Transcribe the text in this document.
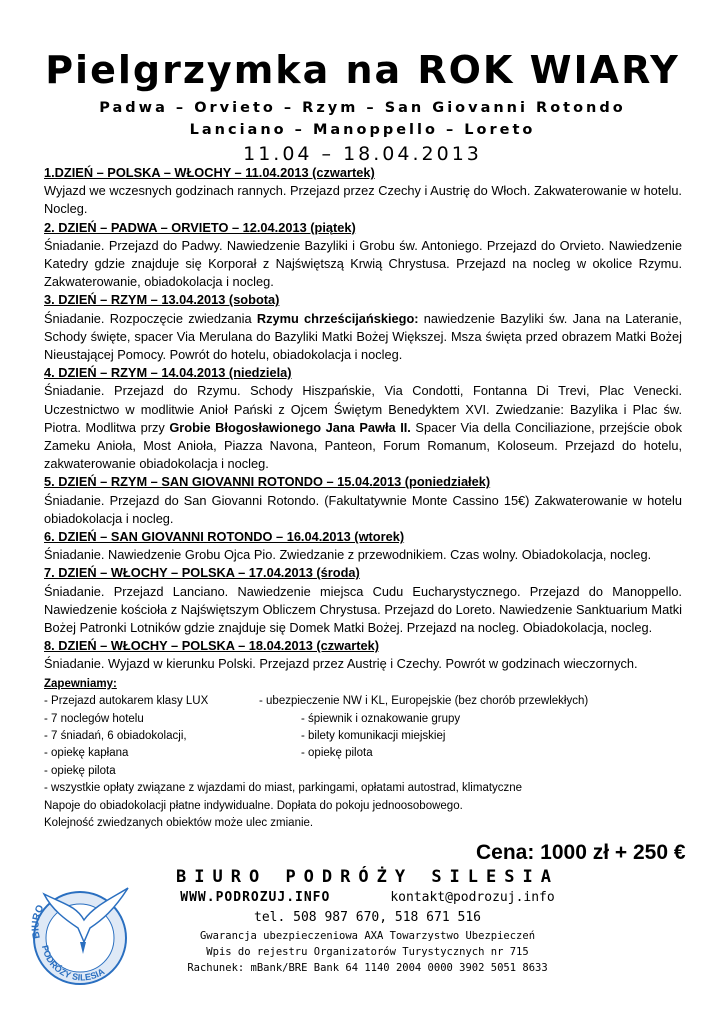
Pielgrzymka na ROK WIARY
Padwa – Orvieto – Rzym – San Giovanni Rotondo
Lanciano – Manoppello – Loreto
11.04 – 18.04.2013

1.DZIEŃ – POLSKA – WŁOCHY – 11.04.2013 (czwartek)

Wyjazd we wczesnych godzinach rannych. Przejazd przez Czechy i Austrię do Włoch. Zakwaterowanie w hotelu. Nocleg.

2. DZIEŃ – PADWA – ORVIETO – 12.04.2013 (piątek)

Śniadanie. Przejazd do Padwy. Nawiedzenie Bazyliki i Grobu św. Antoniego. Przejazd do Orvieto. Nawiedzenie Katedry gdzie znajduje się Korporał z Najświętszą Krwią Chrystusa. Przejazd na nocleg w okolice Rzymu. Zakwaterowanie, obiadokolacja i nocleg.

3. DZIEŃ – RZYM – 13.04.2013 (sobota)

Śniadanie. Rozpoczęcie zwiedzania Rzymu chrześcijańskiego: nawiedzenie Bazyliki św. Jana na Lateranie, Schody święte, spacer Via Merulana do Bazyliki Matki Bożej Większej. Msza święta przed obrazem Matki Bożej Nieustającej Pomocy. Powrót do hotelu, obiadokolacja i nocleg.

4. DZIEŃ – RZYM – 14.04.2013 (niedziela)

Śniadanie. Przejazd do Rzymu. Schody Hiszpańskie, Via Condotti, Fontanna Di Trevi, Plac Venecki. Uczestnictwo w modlitwie Anioł Pański z Ojcem Świętym Benedyktem XVI. Zwiedzanie: Bazylika i Plac św. Piotra. Modlitwa przy Grobie Błogosławionego Jana Pawła II. Spacer Via della Conciliazione, przejście obok Zameku Anioła, Most Anioła, Piazza Navona, Panteon, Forum Romanum, Koloseum. Przejazd do hotelu, zakwaterowanie obiadokolacja i nocleg.

5. DZIEŃ – RZYM – SAN GIOVANNI ROTONDO – 15.04.2013 (poniedziałek)

Śniadanie. Przejazd do San Giovanni Rotondo. (Fakultatywnie Monte Cassino 15€) Zakwaterowanie w hotelu obiadokolacja i nocleg.

6. DZIEŃ – SAN GIOVANNI ROTONDO – 16.04.2013 (wtorek)

Śniadanie. Nawiedzenie Grobu Ojca Pio. Zwiedzanie z przewodnikiem. Czas wolny. Obiadokolacja, nocleg.

7. DZIEŃ – WŁOCHY – POLSKA – 17.04.2013 (środa)

Śniadanie. Przejazd Lanciano. Nawiedzenie miejsca Cudu Eucharystycznego. Przejazd do Manoppello. Nawiedzenie kościoła z Najświętszym Obliczem Chrystusa. Przejazd do Loreto. Nawiedzenie Sanktuarium Matki Bożej Patronki Lotników gdzie znajduje się Domek Matki Bożej. Przejazd na nocleg. Obiadokolacja, nocleg.

8. DZIEŃ – WŁOCHY – POLSKA – 18.04.2013 (czwartek)

Śniadanie. Wyjazd w kierunku Polski. Przejazd przez Austrię i Czechy. Powrót w godzinach wieczornych.

Zapewniamy:
- Przejazd autokarem klasy LUX	- ubezpieczenie NW i KL, Europejskie (bez chorób przewlekłych)
- 7 noclegów hotelu	- śpiewnik i oznakowanie grupy
- 7 śniadań, 6 obiadokolacji,	- bilety komunikacji miejskiej
- opiekę kapłana	- opiekę pilota
- opiekę pilota
- wszystkie opłaty związane z wjazdami do miast, parkingami, opłatami autostrad, klimatyczne
Napoje do obiadokolacji płatne indywidualne. Dopłata do pokoju jednoosobowego.
Kolejność zwiedzanych obiektów może ulec zmianie.
Cena: 1000 zł + 250 €
BIURO
PODRÓŻY SILESIA
BIURO PODRÓŻY SILESIA
WWW.PODROZUJ.INFO	kontakt@podrozuj.info
tel. 508 987 670, 518 671 516
Gwarancja ubezpieczeniowa AXA Towarzystwo Ubezpieczeń
Wpis do rejestru Organizatorów Turystycznych nr 715
Rachunek: mBank/BRE Bank 64 1140 2004 0000 3902 5051 8633
